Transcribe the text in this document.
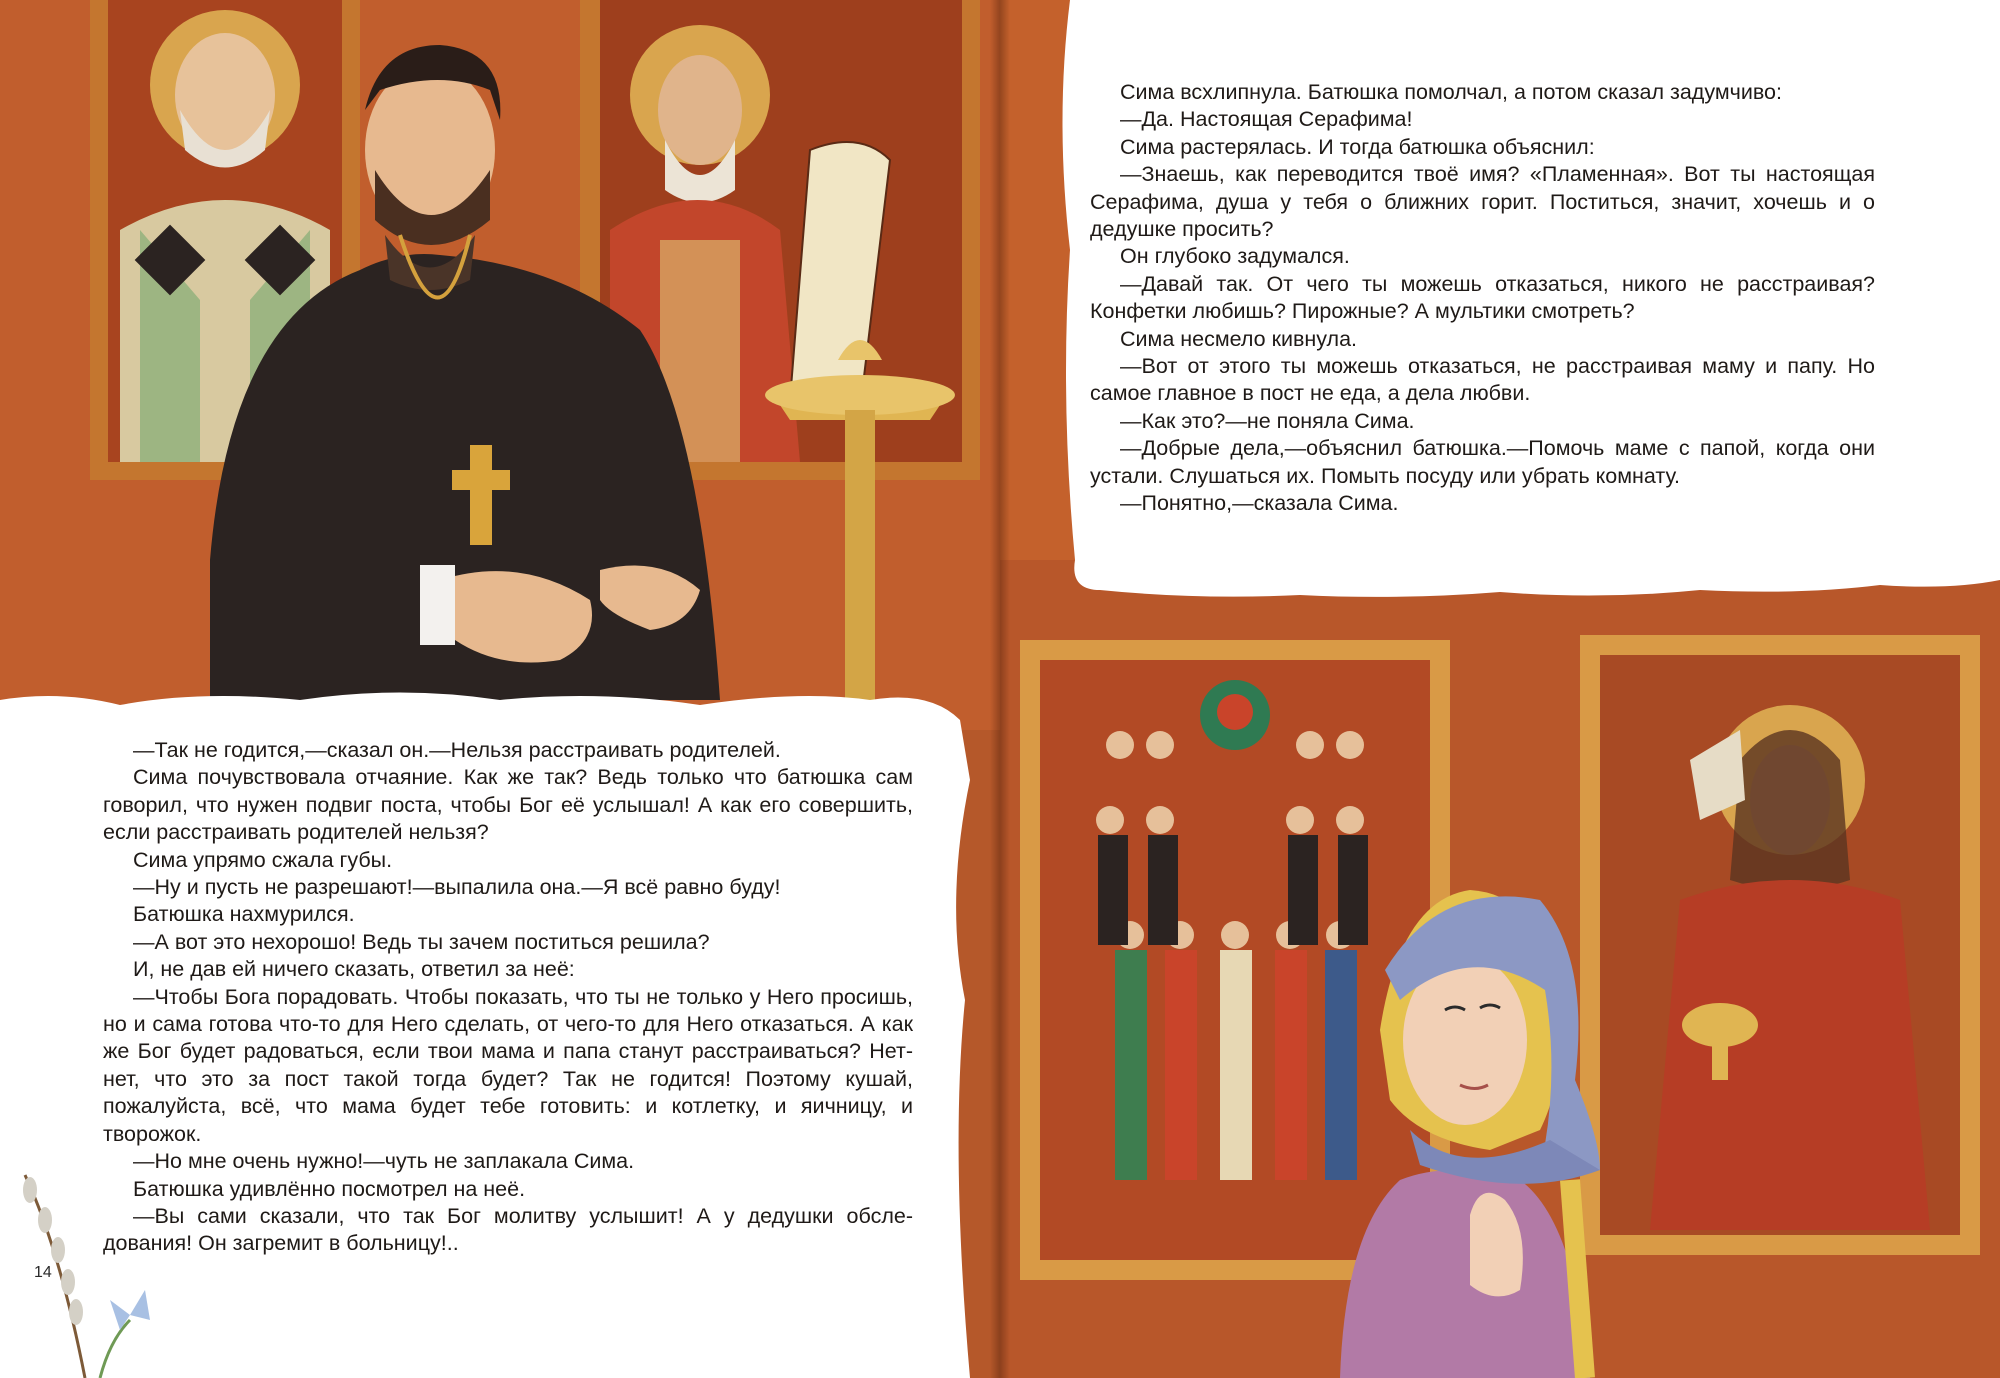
—Так не годится,—сказал он.—Нельзя расстраивать родителей.

Сима почувствовала отчаяние. Как же так? Ведь только что батюшка сам говорил, что нужен подвиг поста, чтобы Бог её услышал! А как его совершить, если расстраивать родителей нельзя?

Сима упрямо сжала губы.

—Ну и пусть не разрешают!—выпалила она.—Я всё равно буду!

Батюшка нахмурился.

—А вот это нехорошо! Ведь ты зачем поститься решила?

И, не дав ей ничего сказать, ответил за неё:

—Чтобы Бога порадовать. Чтобы показать, что ты не только у Него просишь, но и сама готова что-то для Него сделать, от чего-то для Него отказаться. А как же Бог будет радоваться, если твои мама и папа станут расстраиваться? Нет-нет, что это за пост такой тогда будет? Так не годится! Поэтому кушай, пожалуйста, всё, что мама будет тебе готовить: и котлетку, и яичницу, и творожок.

—Но мне очень нужно!—чуть не заплакала Сима.

Батюшка удивлённо посмотрел на неё.

—Вы сами сказали, что так Бог молитву услышит! А у дедушки обследования! Он загремит в больницу!..

14

Сима всхлипнула. Батюшка помолчал, а потом сказал задумчиво:

—Да. Настоящая Серафима!

Сима растерялась. И тогда батюшка объяснил:

—Знаешь, как переводится твоё имя? «Пламенная». Вот ты настоящая Серафима, душа у тебя о ближних горит. Поститься, значит, хочешь и о дедушке просить?

Он глубоко задумался.

—Давай так. От чего ты можешь отказаться, никого не расстраивая? Конфетки любишь? Пирожные? А мультики смотреть?

Сима несмело кивнула.

—Вот от этого ты можешь отказаться, не расстраивая маму и папу. Но самое главное в пост не еда, а дела любви.

—Как это?—не поняла Сима.

—Добрые дела,—объяснил батюшка.—Помочь маме с папой, когда они устали. Слушаться их. Помыть посуду или убрать комнату.

—Понятно,—сказала Сима.
